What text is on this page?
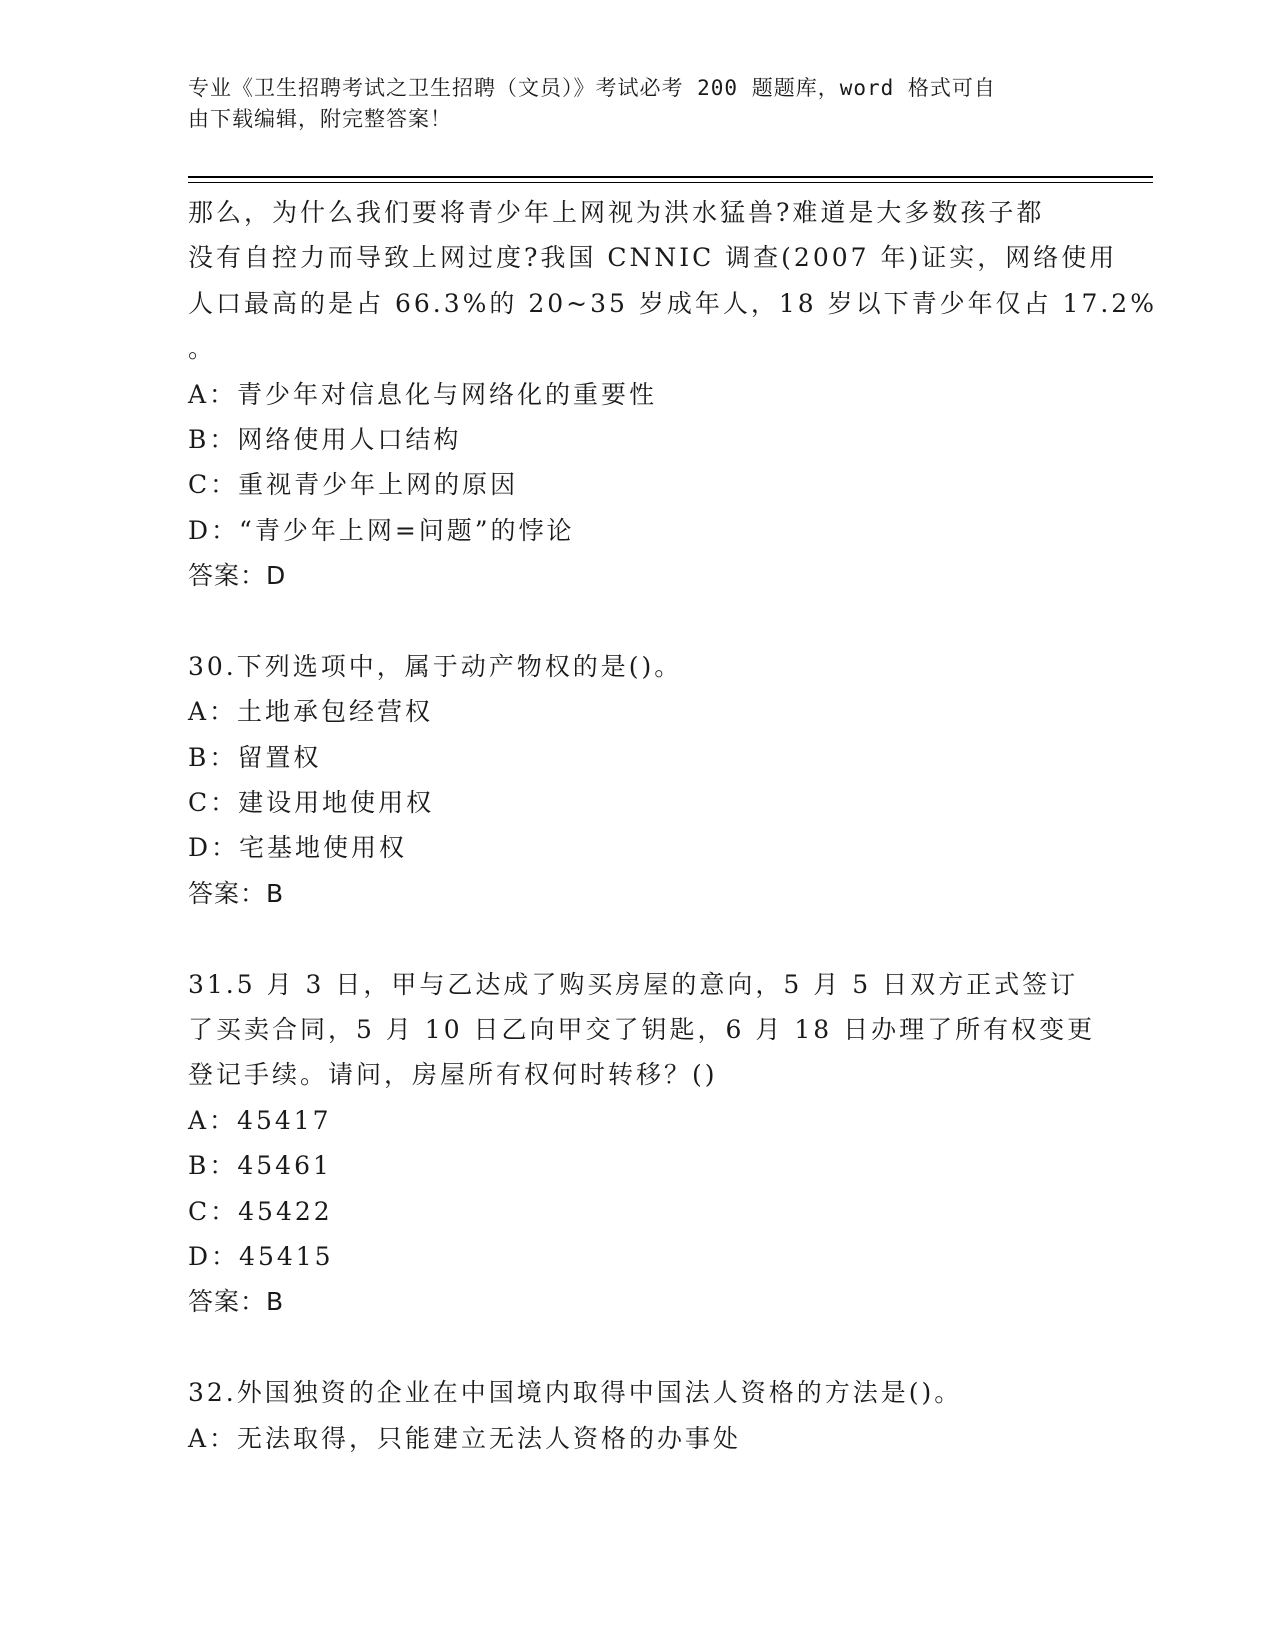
专业《卫生招聘考试之卫生招聘（文员）》考试必考 200 题题库，word 格式可自
由下载编辑，附完整答案！
那么，为什么我们要将青少年上网视为洪水猛兽?难道是大多数孩子都
没有自控力而导致上网过度?我国 CNNIC 调查(2007 年)证实，网络使用
人口最高的是占 66.3%的 20~35 岁成年人，18 岁以下青少年仅占 17.2%
。
A：青少年对信息化与网络化的重要性
B：网络使用人口结构
C：重视青少年上网的原因
D：“青少年上网=问题”的悖论
答案：D
30.下列选项中，属于动产物权的是()。
A：土地承包经营权
B：留置权
C：建设用地使用权
D：宅基地使用权
答案：B
31.5 月 3 日，甲与乙达成了购买房屋的意向，5 月 5 日双方正式签订
了买卖合同，5 月 10 日乙向甲交了钥匙，6 月 18 日办理了所有权变更
登记手续。请问，房屋所有权何时转移？()
A：45417
B：45461
C：45422
D：45415
答案：B
32.外国独资的企业在中国境内取得中国法人资格的方法是()。
A：无法取得，只能建立无法人资格的办事处
